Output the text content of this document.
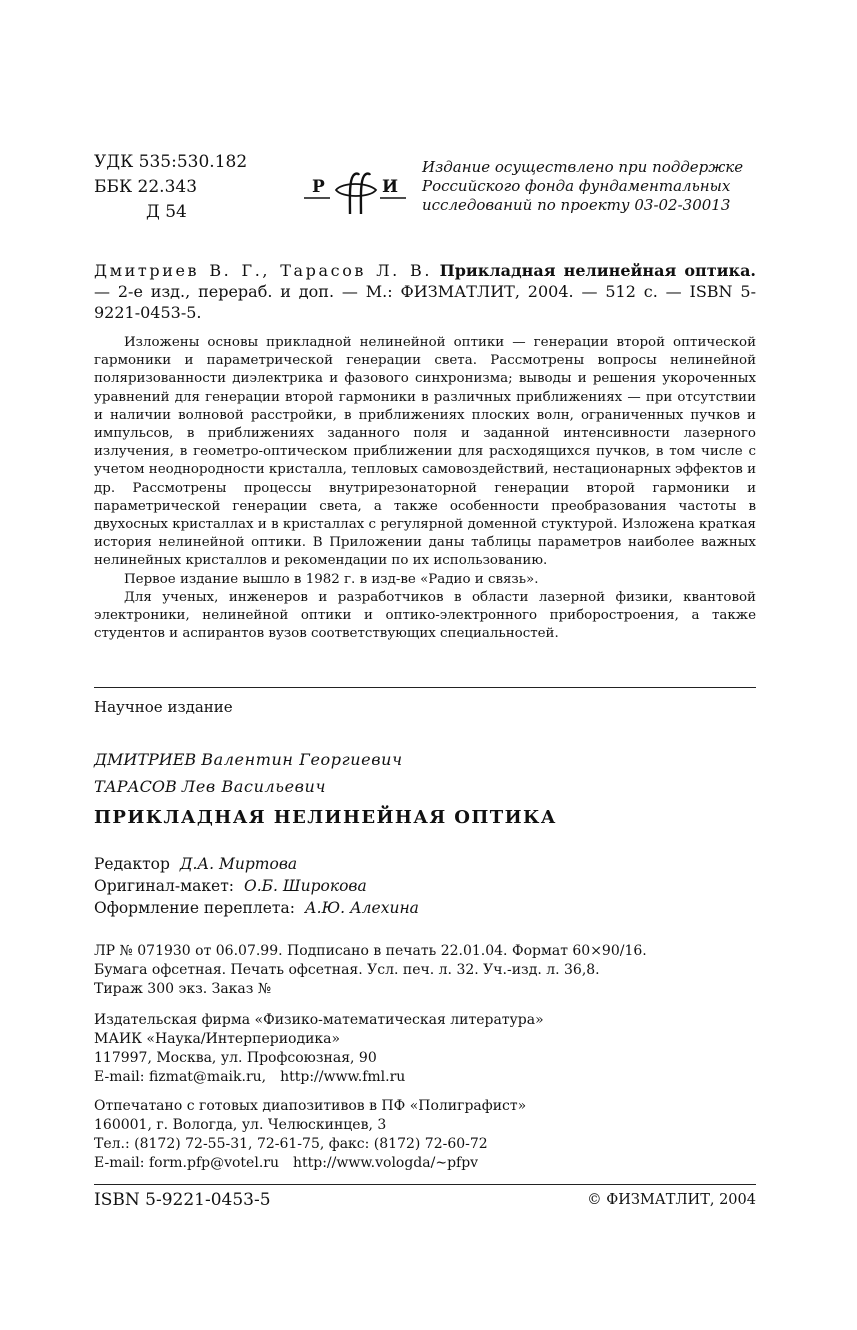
УДК 535:530.182
ББК 22.343
Д 54
Р	И
Издание осуществлено при поддержке
Российского фонда фундаментальных
исследований по проекту 03-02-30013
Дмитриев В. Г., Тарасов Л. В. Прикладная нелинейная оптика. — 2-е изд., перераб. и доп. — М.: ФИЗМАТЛИТ, 2004. — 512 с. — ISBN 5-9221-0453-5.

Изложены основы прикладной нелинейной оптики — генерации второй оптической гармоники и параметрической генерации света. Рассмотрены вопросы нелинейной поляризованности диэлектрика и фазового синхронизма; выводы и решения укороченных уравнений для генерации второй гармоники в различных приближениях — при отсутствии и наличии волновой расстройки, в приближениях плоских волн, ограниченных пучков и импульсов, в приближениях заданного поля и заданной интенсивности лазерного излучения, в геометро-оптическом приближении для расходящихся пучков, в том числе с учетом неоднородности кристалла, тепловых самовоздействий, нестационарных эффектов и др. Рассмотрены процессы внутрирезонаторной генерации второй гармоники и параметрической генерации света, а также особенности преобразования частоты в двухосных кристаллах и в кристаллах с регулярной доменной стуктурой. Изложена краткая история нелинейной оптики. В Приложении даны таблицы параметров наиболее важных нелинейных кристаллов и рекомендации по их использованию.

Первое издание вышло в 1982 г. в изд-ве «Радио и связь».

Для ученых, инженеров и разработчиков в области лазерной физики, квантовой электроники, нелинейной оптики и оптико-электронного приборостроения, а также студентов и аспирантов вузов соответствующих специальностей.

Научное издание
ДМИТРИЕВ Валентин Георгиевич
ТАРАСОВ Лев Васильевич
ПРИКЛАДНАЯ НЕЛИНЕЙНАЯ ОПТИКА
Редактор Д.А. Миртова
Оригинал-макет: О.Б. Широкова
Оформление переплета: А.Ю. Алехина
ЛР № 071930 от 06.07.99. Подписано в печать 22.01.04. Формат 60×90/16.
Бумага офсетная. Печать офсетная. Усл. печ. л. 32. Уч.-изд. л. 36,8.
Тираж 300 экз. Заказ №
Издательская фирма «Физико-математическая литература»
МАИК «Наука/Интерпериодика»
117997, Москва, ул. Профсоюзная, 90
E-mail: fizmat@maik.ru, http://www.fml.ru
Отпечатано с готовых диапозитивов в ПФ «Полиграфист»
160001, г. Вологда, ул. Челюскинцев, 3
Тел.: (8172) 72-55-31, 72-61-75, факс: (8172) 72-60-72
E-mail: form.pfp@votel.ru http://www.vologda/∼pfpv
ISBN 5-9221-0453-5	© ФИЗМАТЛИТ, 2004
